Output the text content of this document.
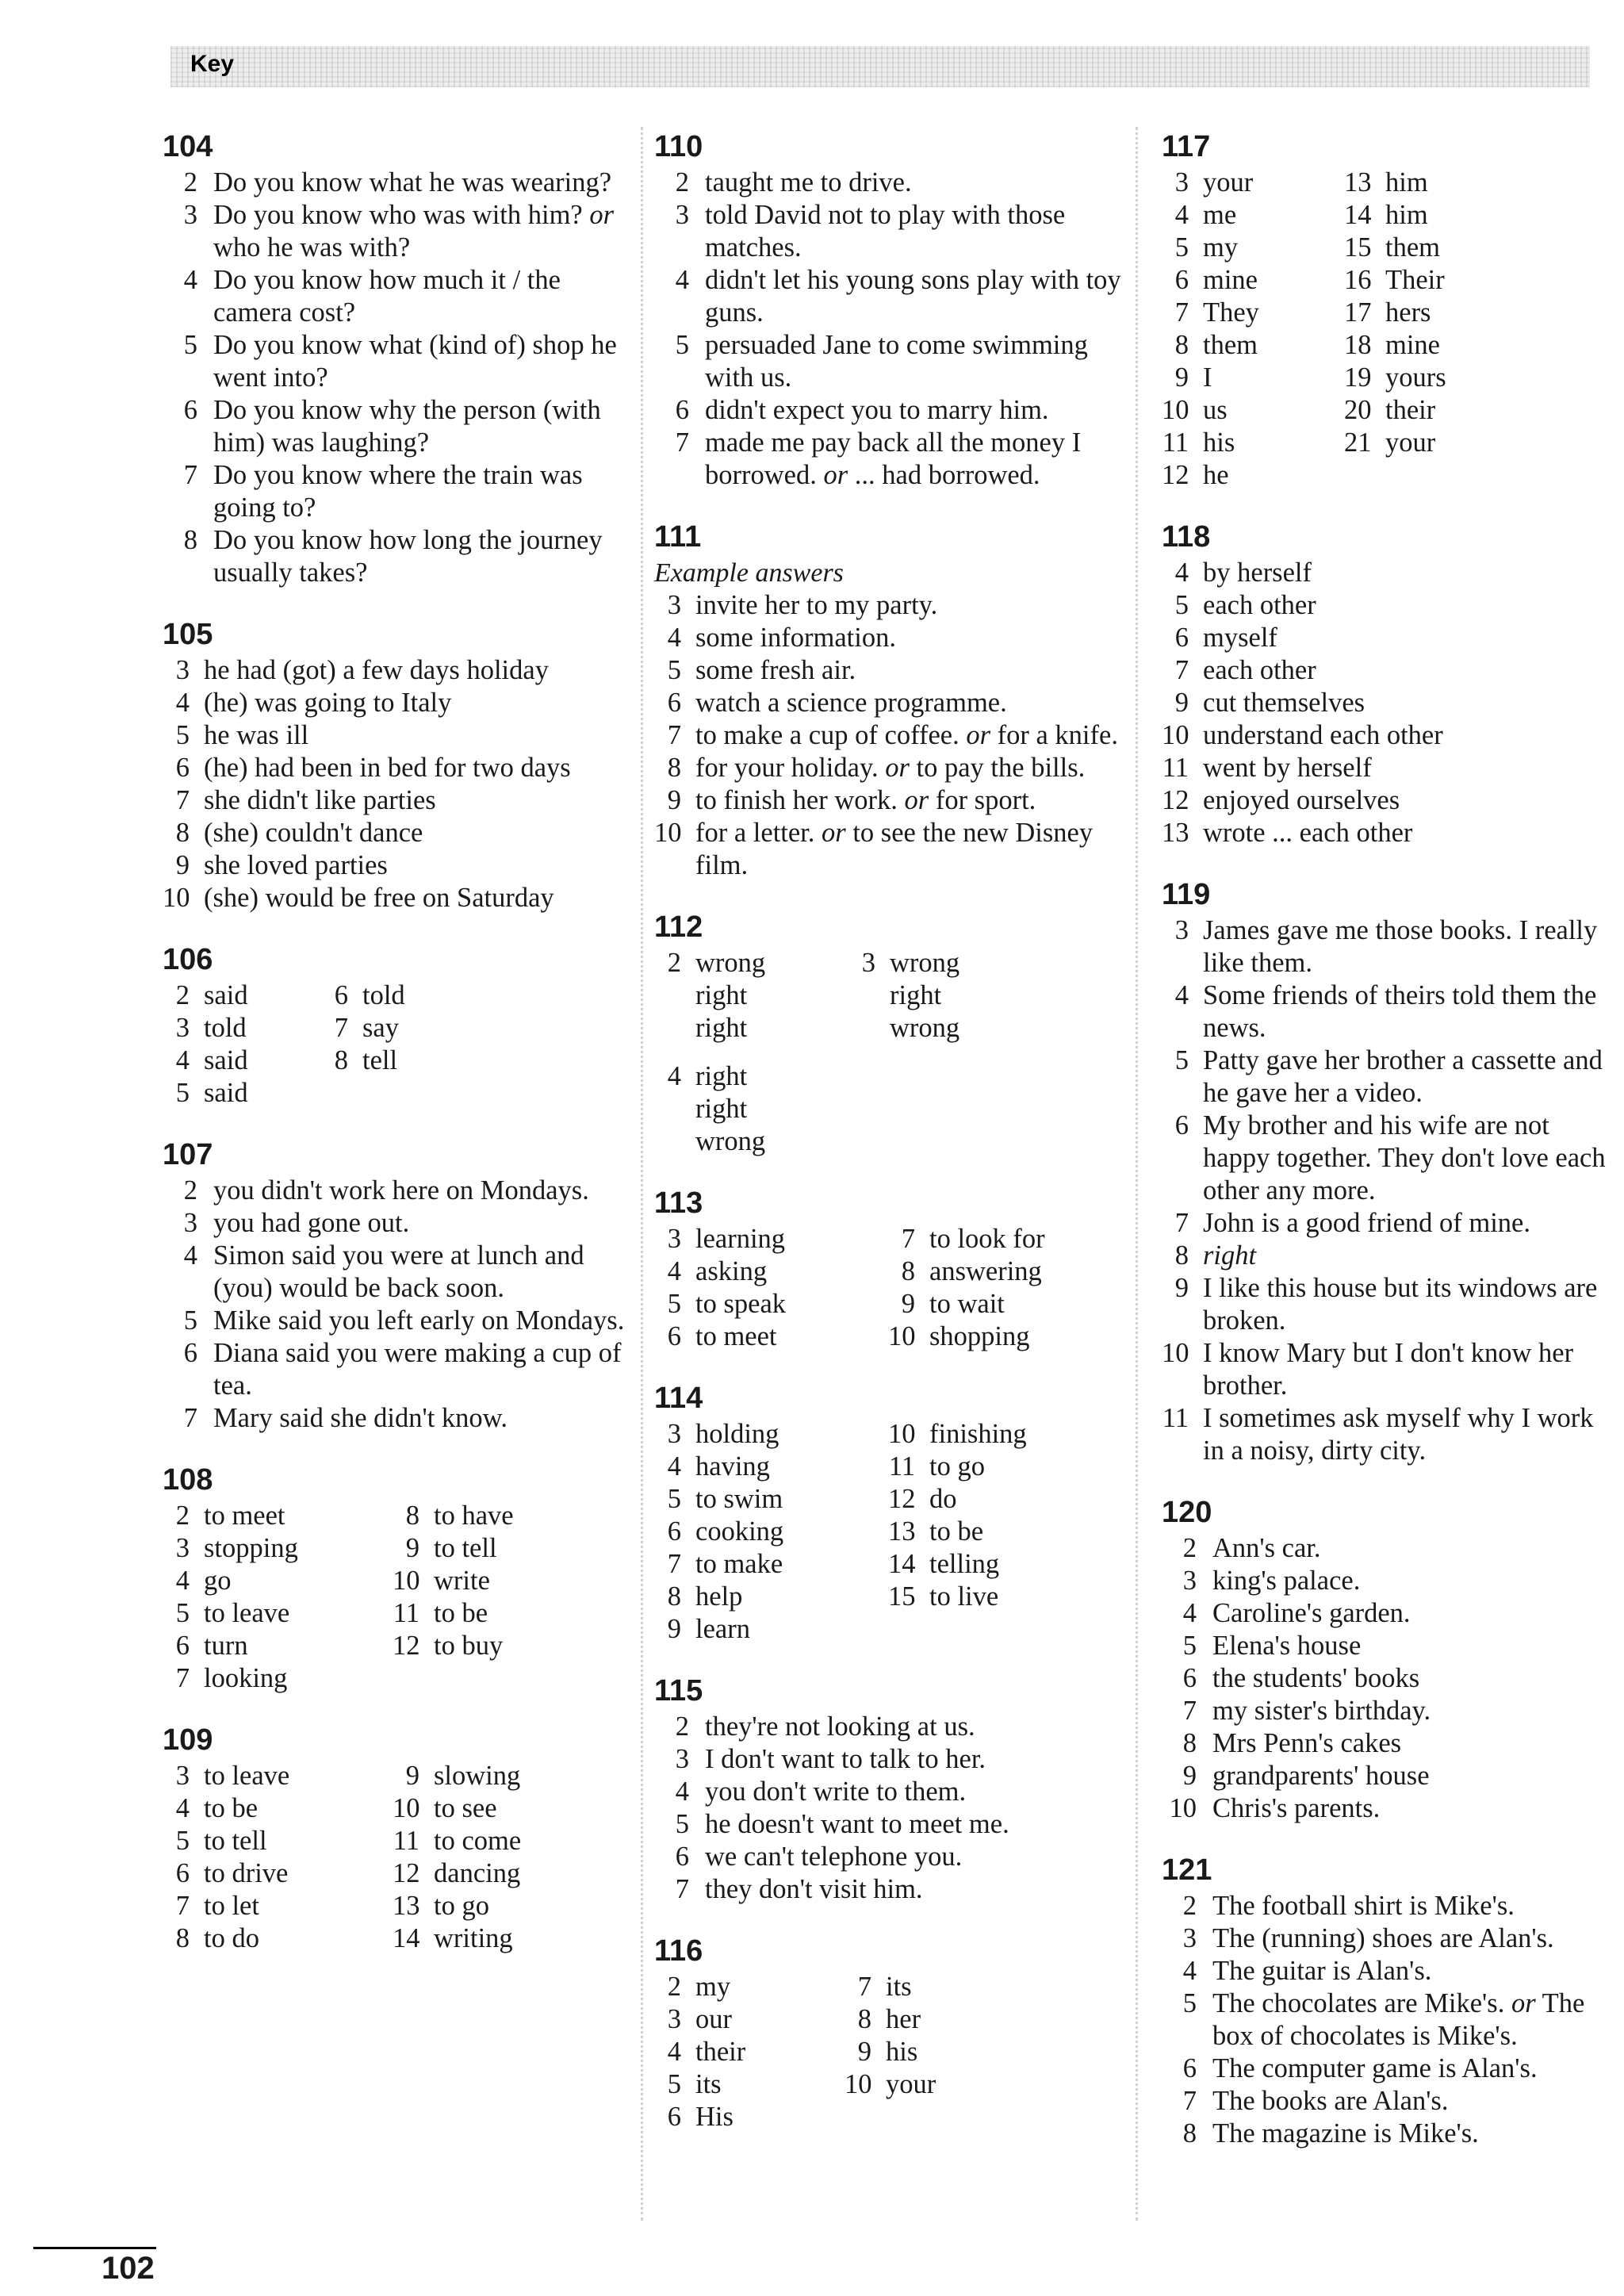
Key
104
2 Do you know what he was wearing?
3 Do you know who was with him? or who he was with?
4 Do you know how much it / the camera cost?
5 Do you know what (kind of) shop he went into?
6 Do you know why the person (with him) was laughing?
7 Do you know where the train was going to?
8 Do you know how long the journey usually takes?
105
3 he had (got) a few days holiday
4 (he) was going to Italy
5 he was ill
6 (he) had been in bed for two days
7 she didn't like parties
8 (she) couldn't dance
9 she loved parties
10 (she) would be free on Saturday
106
2 said
3 told
4 said
5 said
6 told
7 say
8 tell
107
2 you didn't work here on Mondays.
3 you had gone out.
4 Simon said you were at lunch and (you) would be back soon.
5 Mike said you left early on Mondays.
6 Diana said you were making a cup of tea.
7 Mary said she didn't know.
108
2 to meet
3 stopping
4 go
5 to leave
6 turn
7 looking
8 to have
9 to tell
10 write
11 to be
12 to buy
109
3 to leave
4 to be
5 to tell
6 to drive
7 to let
8 to do
9 slowing
10 to see
11 to come
12 dancing
13 to go
14 writing
110
2 taught me to drive.
3 told David not to play with those matches.
4 didn't let his young sons play with toy guns.
5 persuaded Jane to come swimming with us.
6 didn't expect you to marry him.
7 made me pay back all the money I borrowed. or ... had borrowed.
111
Example answers
3 invite her to my party.
4 some information.
5 some fresh air.
6 watch a science programme.
7 to make a cup of coffee. or for a knife.
8 for your holiday. or to pay the bills.
9 to finish her work. or for sport.
10 for a letter. or to see the new Disney film.
112
2 wrong
right
right
3 wrong
right
wrong
4 right
right
wrong
113
3 learning
4 asking
5 to speak
6 to meet
7 to look for
8 answering
9 to wait
10 shopping
114
3 holding
4 having
5 to swim
6 cooking
7 to make
8 help
9 learn
10 finishing
11 to go
12 do
13 to be
14 telling
15 to live
115
2 they're not looking at us.
3 I don't want to talk to her.
4 you don't write to them.
5 he doesn't want to meet me.
6 we can't telephone you.
7 they don't visit him.
116
2 my
3 our
4 their
5 its
6 His
7 its
8 her
9 his
10 your
117
3 your
4 me
5 my
6 mine
7 They
8 them
9 I
10 us
11 his
12 he
13 him
14 him
15 them
16 Their
17 hers
18 mine
19 yours
20 their
21 your
118
4 by herself
5 each other
6 myself
7 each other
9 cut themselves
10 understand each other
11 went by herself
12 enjoyed ourselves
13 wrote ... each other
119
3 James gave me those books. I really like them.
4 Some friends of theirs told them the news.
5 Patty gave her brother a cassette and he gave her a video.
6 My brother and his wife are not happy together. They don't love each other any more.
7 John is a good friend of mine.
8 right
9 I like this house but its windows are broken.
10 I know Mary but I don't know her brother.
11 I sometimes ask myself why I work in a noisy, dirty city.
120
2 Ann's car.
3 king's palace.
4 Caroline's garden.
5 Elena's house
6 the students' books
7 my sister's birthday.
8 Mrs Penn's cakes
9 grandparents' house
10 Chris's parents.
121
2 The football shirt is Mike's.
3 The (running) shoes are Alan's.
4 The guitar is Alan's.
5 The chocolates are Mike's. or The box of chocolates is Mike's.
6 The computer game is Alan's.
7 The books are Alan's.
8 The magazine is Mike's.
102
